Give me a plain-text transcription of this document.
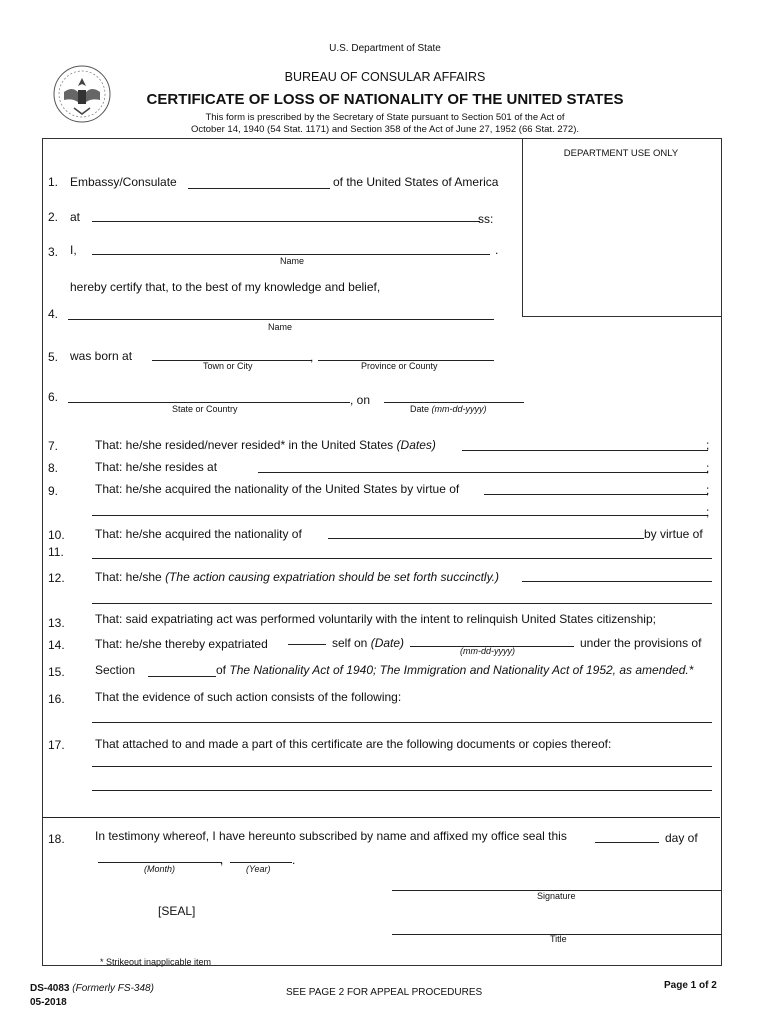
U.S. Department of State
BUREAU OF CONSULAR AFFAIRS
CERTIFICATE OF LOSS OF NATIONALITY OF THE UNITED STATES
This form is prescribed by the Secretary of State pursuant to Section 501 of the Act of
October 14, 1940 (54 Stat. 1171) and Section 358 of the Act of June 27, 1952 (66 Stat. 272).
DEPARTMENT USE ONLY
1. Embassy/Consulate	of the United States of America
2. at	ss:
3. I,	.
Name
hereby certify that, to the best of my knowledge and belief,
4.
Name
5. was born at	,
Town or City	Province or County
6.	, on
State or Country	Date (mm-dd-yyyy)
7.	That: he/she resided/never resided* in the United States (Dates)	;
8.	That: he/she resides at	;
9.	That: he/she acquired the nationality of the United States by virtue of	;
;
10.	That: he/she acquired the nationality of	by virtue of
11.
12.	That: he/she (The action causing expatriation should be set forth succinctly.)
13.	That: said expatriating act was performed voluntarily with the intent to relinquish United States citizenship;
14.	That: he/she thereby expatriated	self on (Date)
(mm-dd-yyyy)
under the provisions of
15.	Section	of The Nationality Act of 1940; The Immigration and Nationality Act of 1952, as amended.*
16.	That the evidence of such action consists of the following:
17.	That attached to and made a part of this certificate are the following documents or copies thereof:
18.	In testimony whereof, I have hereunto subscribed by name and affixed my office seal this	day of
,	.
(Month)	(Year)
Signature
[SEAL]
Title
* Strikeout inapplicable item
DS-4083 (Formerly FS-348)
05-2018
SEE PAGE 2 FOR APPEAL PROCEDURES
Page 1 of 2
